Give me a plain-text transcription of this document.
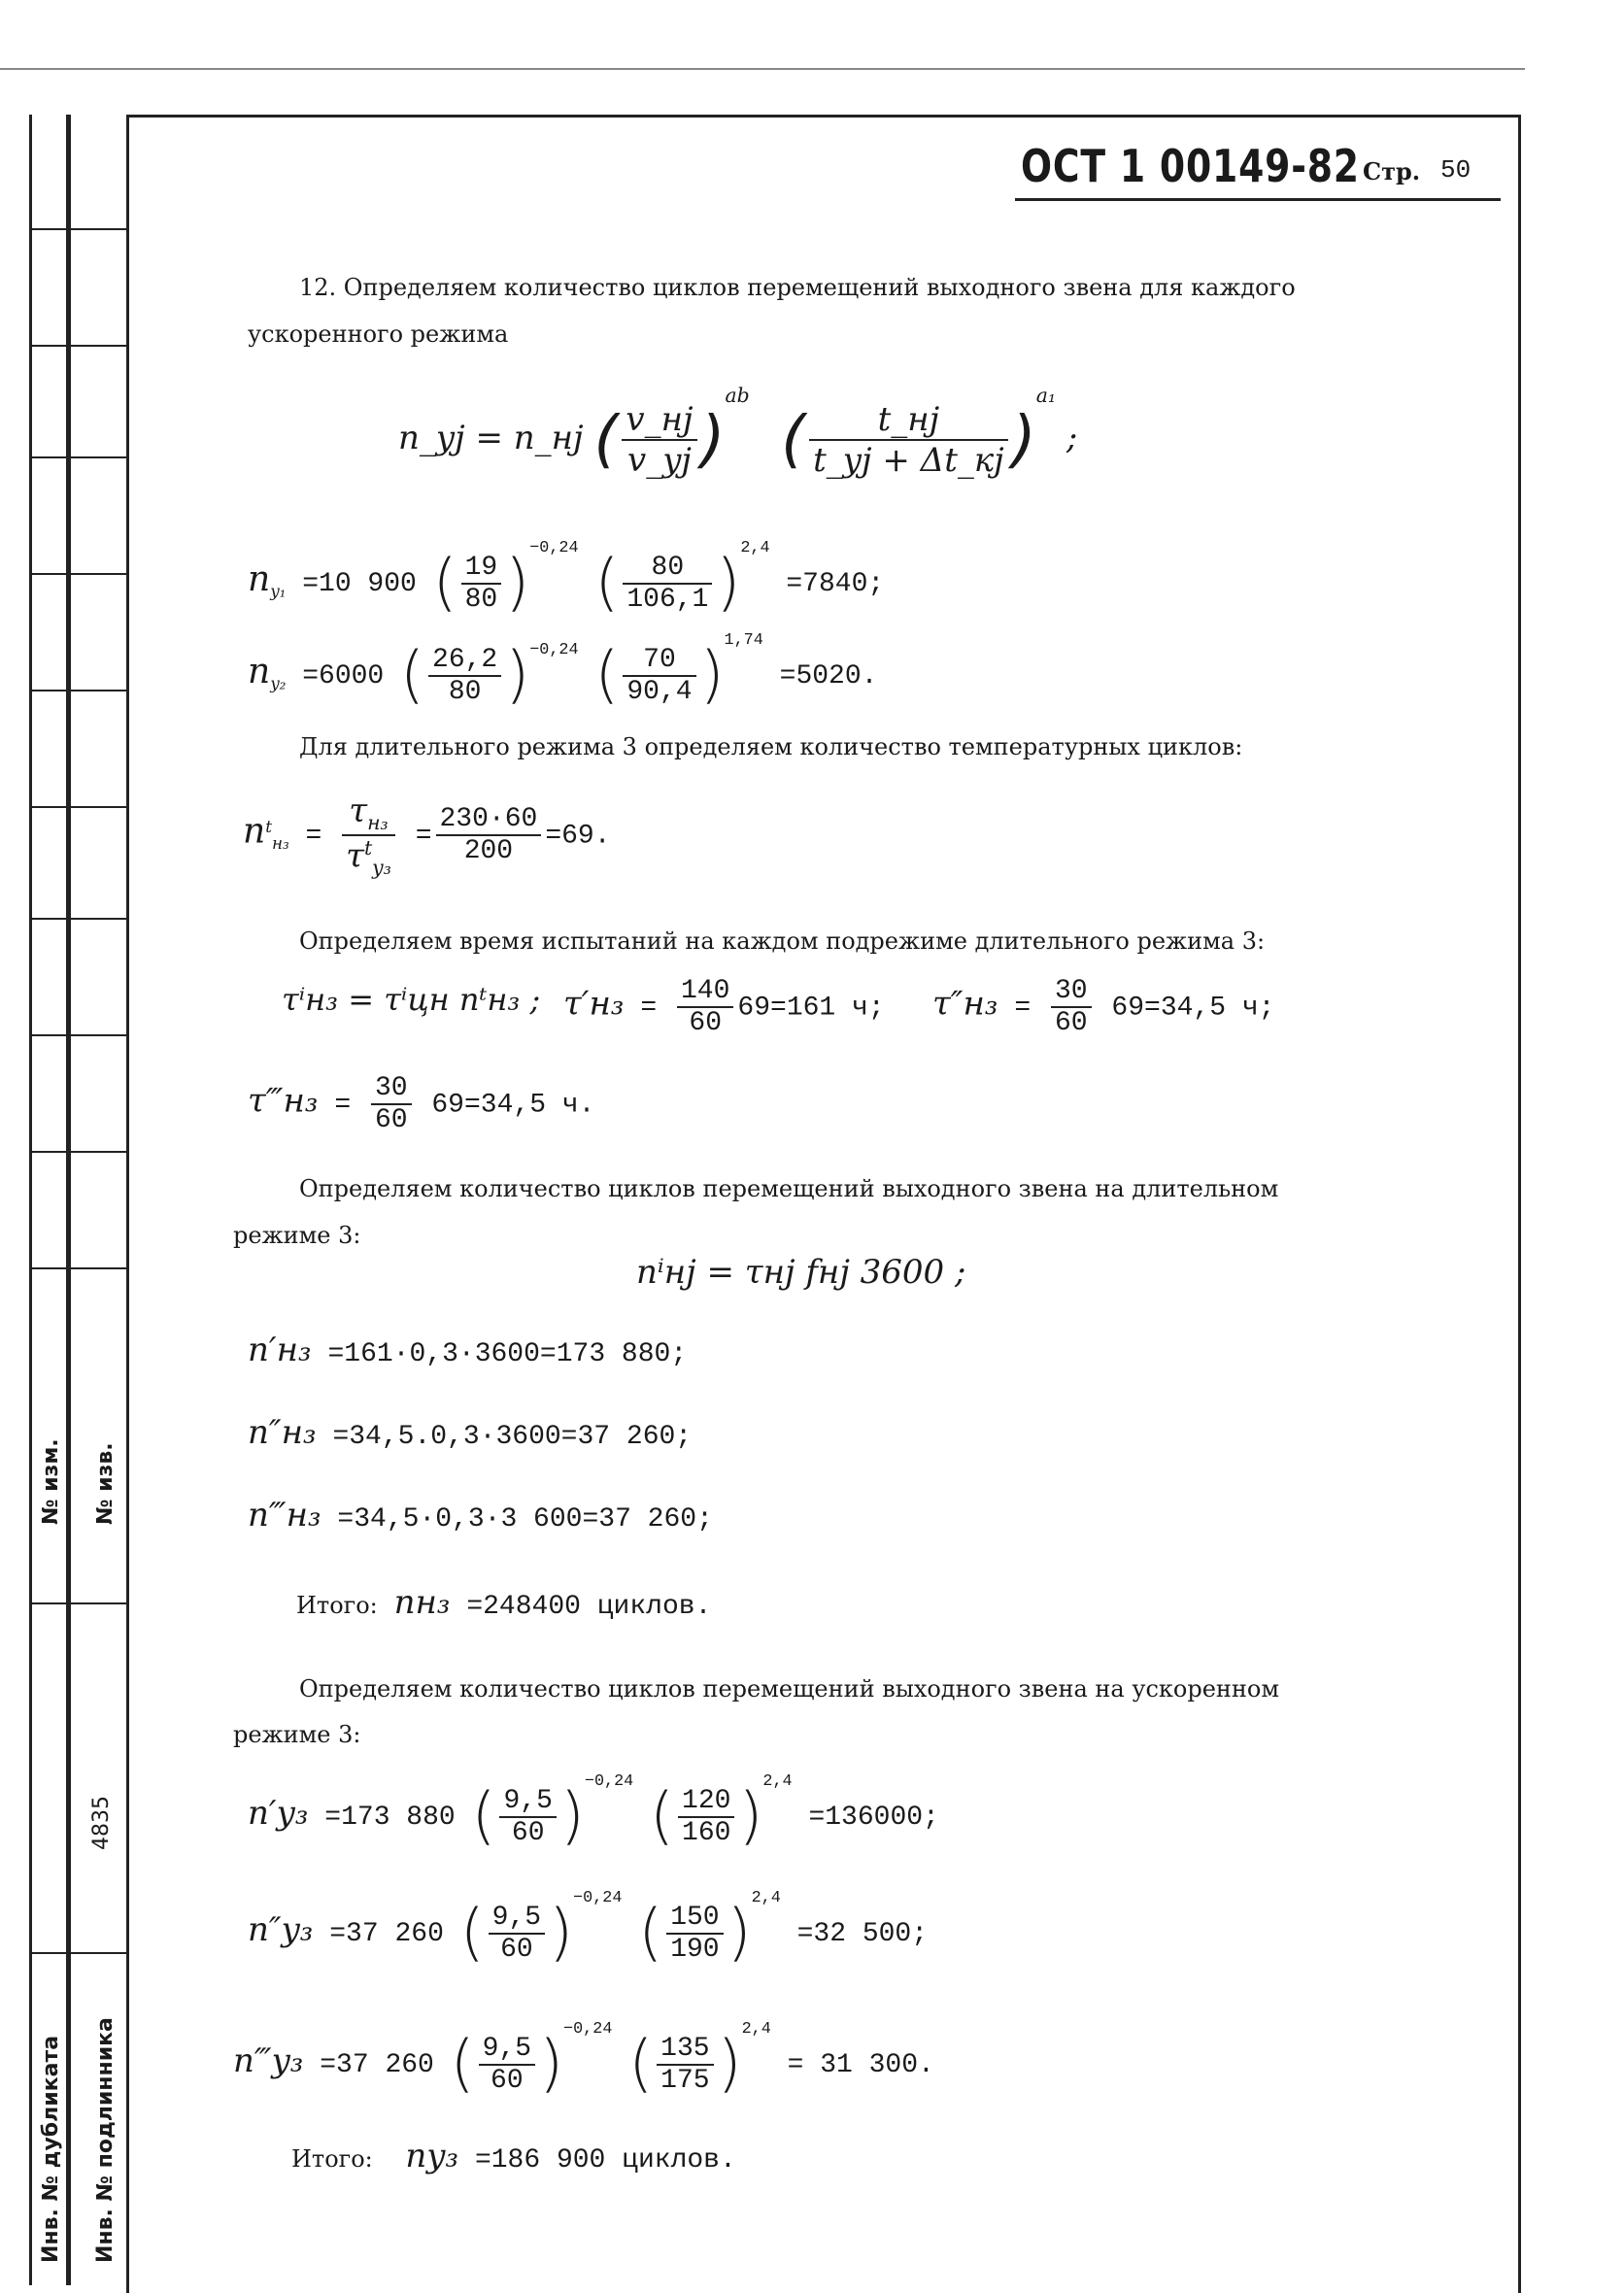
№ изм. № изв.
4835
Инв. № дубликата Инв. № подлинника
ОСТ 1 00149-82 Стр. 50
12. Определяем количество циклов перемещений выходного звена для каждого
ускоренного режима
n_yj = n_нj ( $\frac{v\_нj}{v\_yj} )^{ab}$   ( $\frac{t\_нj}{t\_yj + \Delta t\_кj} )^{a_1}$ ;
$n_{y_1} =10$ 900 ( $\frac{19}{80} )^{-0,24}$ ( $\frac{80}{106,1} )^{2,4} =7840$;
$n_{y_2} =6000$ ( $\frac{26,2}{80} )^{-0,24}$ ( $\frac{70}{90,4} )^{1,74} =5020$.
Для длительного режима 3 определяем количество температурных циклов:
$n^t_{н_3} = \frac{\tau_{н_3}}{\tau^t_{y_3}} = \frac{230\cdot 60}{200} =69$.
Определяем время испытаний на каждом подрежиме длительного режима 3:
τⁱн₃ = τⁱцн nᵗн₃ ; $\tau'н_3 = \frac{140}{60} 69=161$ ч; $\tau''н_3 = \frac{30}{60} 69=34,5$ ч;
τ‴н₃ = $\frac{30}{60} 69=34,5$ ч.
Определяем количество циклов перемещений выходного звена на длительном
режиме 3:
nⁱнj = τнj fнj 3600 ;
n′н₃ =161·0,3·3600=173 880;
n″н₃ =34,5.0,3·3600=37 260;
n‴н₃ =34,5·0,3·3 600=37 260;
Итого: nн₃ =248400 циклов.
Определяем количество циклов перемещений выходного звена на ускоренном
режиме 3:
n′y₃ =173 880 ( $\frac{9,5}{60} )^{-0,24}$ ( $\frac{120}{160} )^{2,4} =136000$;
n″y₃ =37 260 ( $\frac{9,5}{60} )^{-0,24}$ ( $\frac{150}{190} )^{2,4} =32$ 500;
n‴y₃ =37 260 ( $\frac{9,5}{60} )^{-0,24}$ ( $\frac{135}{175} )^{2,4} = 31$ 300.
Итого: ny₃ =186 900 циклов.
